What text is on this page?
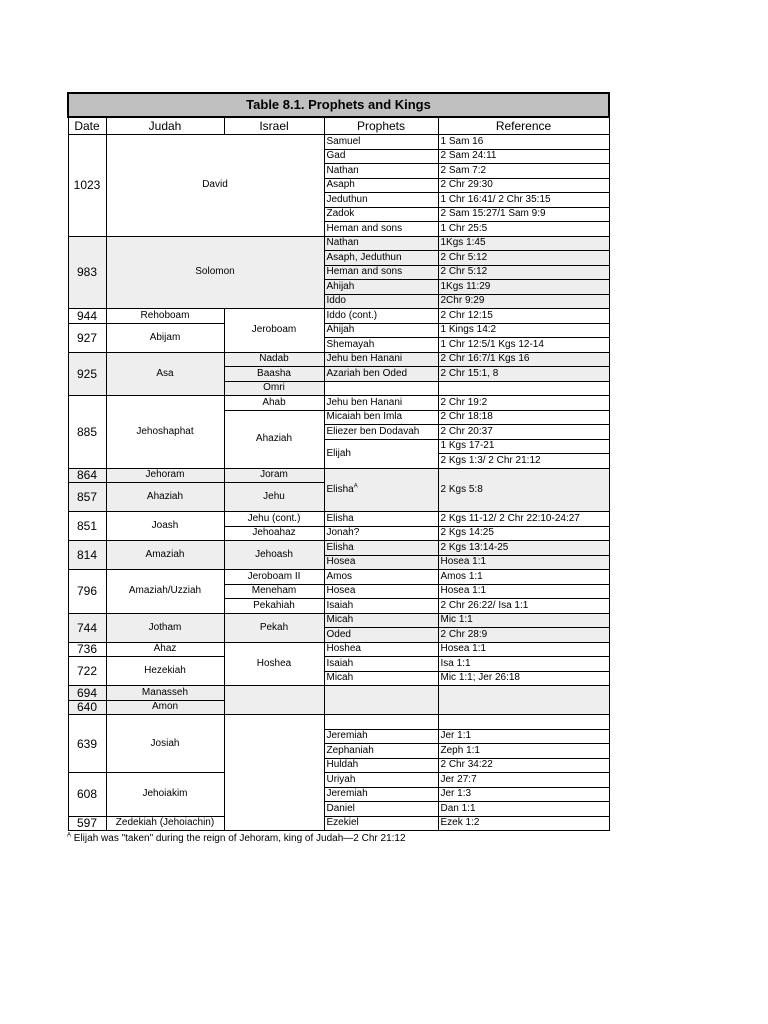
Table 8.1. Prophets and Kings				
Date	Judah	Israel	Prophets	Reference
1023	David		Samuel	1 Sam 16
			Gad	2 Sam 24:11
			Nathan	2 Sam 7:2
			Asaph	2 Chr 29:30
			Jeduthun	1 Chr 16:41/ 2 Chr 35:15
			Zadok	2 Sam 15:27/1 Sam 9:9
			Heman and sons	1 Chr 25:5
983	Solomon		Nathan	1Kgs 1:45
			Asaph, Jeduthun	2 Chr 5:12
			Heman and sons	2 Chr 5:12
			Ahijah	1Kgs 11:29
			Iddo	2Chr 9:29
944	Rehoboam	Jeroboam	Iddo (cont.)	2 Chr 12:15
927	Abijam		Ahijah	1 Kings 14:2
			Shemayah	1 Chr 12:5/1 Kgs 12-14
925	Asa	Nadab	Jehu ben Hanani	2 Chr 16:7/1 Kgs 16
		Baasha	Azariah ben Oded	2 Chr 15:1, 8
		Omri		
885	Jehoshaphat	Ahab	Jehu ben Hanani	2 Chr 19:2
		Ahaziah	Micaiah ben Imla	2 Chr 18:18
			Eliezer ben Dodavah	2 Chr 20:37
			Elijah	1 Kgs 17-21
				2 Kgs 1:3/ 2 Chr 21:12
864	Jehoram	Joram	Elisha$^A$	2 Kgs 5:8
857	Ahaziah	Jehu		

851	Joash	Jehu (cont.)	Elisha	2 Kgs 11-12/ 2 Chr 22:10-24:27
		Jehoahaz	Jonah?	2 Kgs 14:25
814	Amaziah	Jehoash	Elisha	2 Kgs 13:14-25
			Hosea	Hosea 1:1
796	Amaziah/Uzziah	Jeroboam II	Amos	Amos 1:1
		Meneham	Hosea	Hosea 1:1
		Pekahiah	Isaiah	2 Chr 26:22/ Isa 1:1
744	Jotham	Pekah	Micah	Mic 1:1
			Oded	2 Chr 28:9
736	Ahaz	Hoshea	Hoshea	Hosea 1:1
722	Hezekiah		Isaiah	Isa 1:1
			Micah	Mic 1:1; Jer 26:18
694	Manasseh			
640	Amon			
639	Josiah			
			Jeremiah	Jer 1:1
			Zephaniah	Zeph 1:1
			Huldah	2 Chr 34:22
608	Jehoiakim		Uriyah	Jer 27:7
			Jeremiah	Jer 1:3
			Daniel	Dan 1:1
597	Zedekiah (Jehoiachin)		Ezekiel	Ezek 1:2
$^A$ Elijah was "taken" during the reign of Jehoram, king of Judah—2 Chr 21:12
